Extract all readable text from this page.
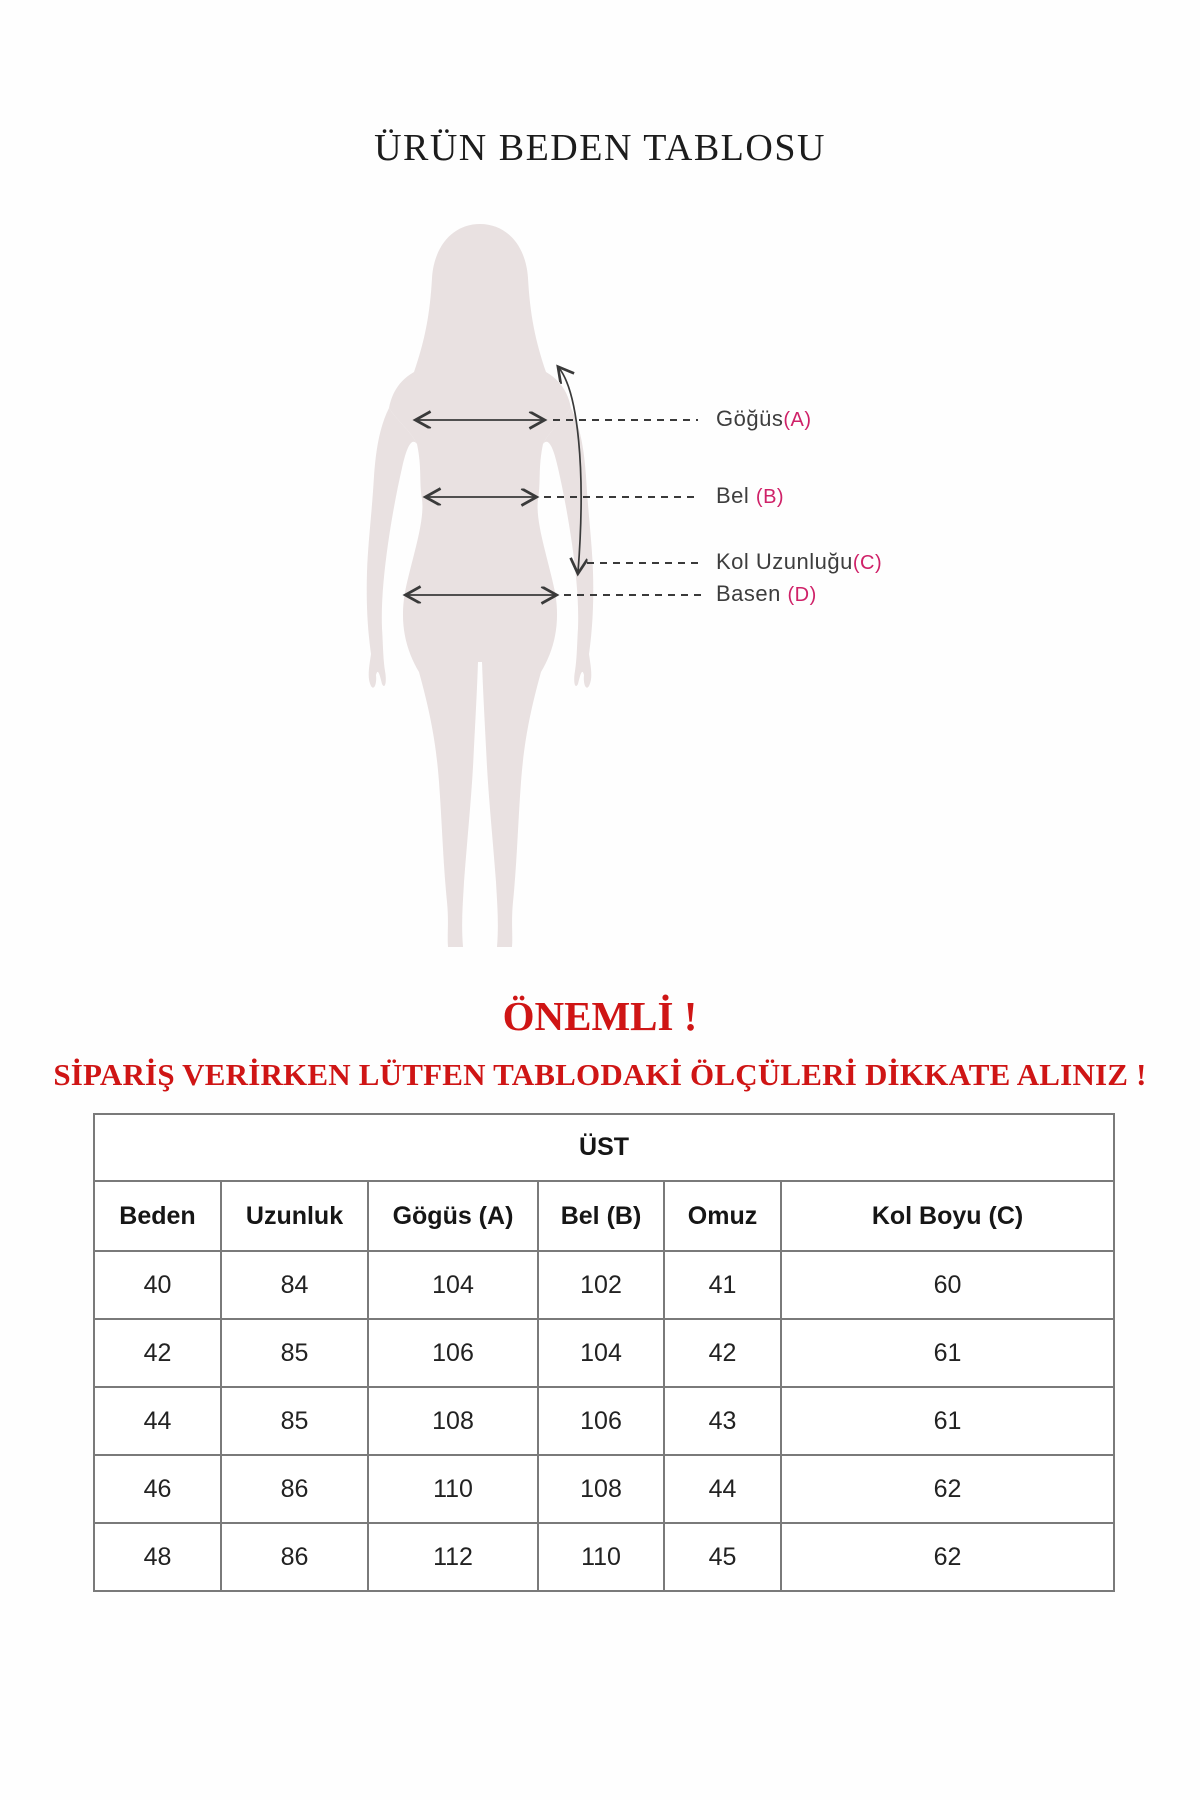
ÜRÜN BEDEN TABLOSU
Göğüs(A)
Bel (B)
Kol Uzunluğu(C)
Basen (D)
ÖNEMLİ !
SİPARİŞ VERİRKEN LÜTFEN TABLODAKİ ÖLÇÜLERİ DİKKATE ALINIZ !
ÜST					
Beden	Uzunluk	Gögüs (A)	Bel (B)	Omuz	Kol Boyu (C)
40	84	104	102	41	60
42	85	106	104	42	61
44	85	108	106	43	61
46	86	110	108	44	62
48	86	112	110	45	62
